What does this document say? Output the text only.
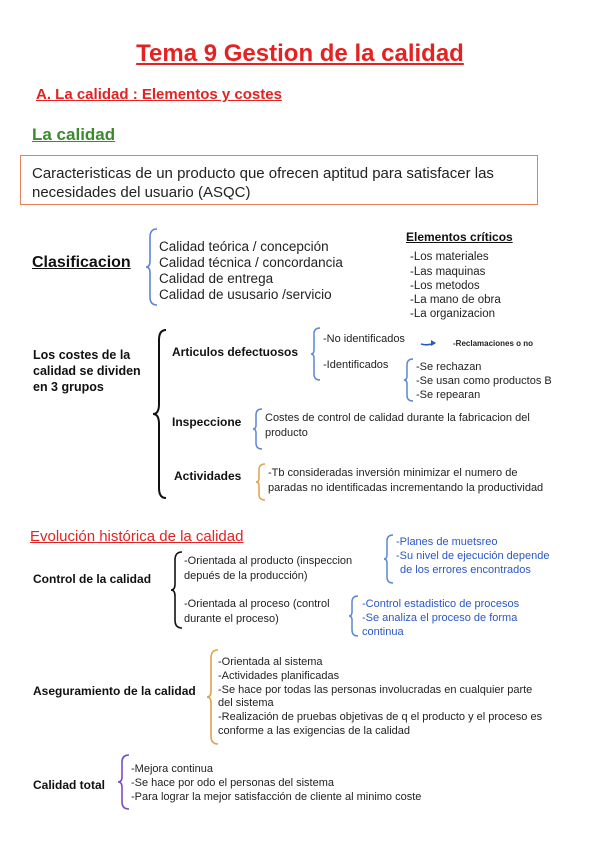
Tema 9 Gestion de la calidad
A. La calidad : Elementos y costes
La calidad
Caracteristicas de un producto que ofrecen aptitud para satisfacer las
necesidades del usuario (ASQC)
Clasificacion
Calidad teórica / concepción
Calidad técnica / concordancia
Calidad de entrega
Calidad de ususario /servicio
Elementos críticos
-Los materiales
-Las maquinas
-Los metodos
-La mano de obra
-La organizacion
Los costes de la
calidad se dividen
en 3 grupos
Articulos defectuosos
-No identificados	-Reclamaciones o no
-Identificados	-Se rechazan
-Se usan como productos B
-Se repearan
Inspeccione Costes de control de calidad durante la fabricacion del
producto
Actividades -Tb consideradas inversión minimizar el numero de
paradas no identificadas incrementando la productividad
Evolución histórica de la calidad
Control de la calidad
-Orientada al producto (inspeccion
depués de la producción)
-Planes de muetsreo
-Su nivel de ejecución depende
de los errores encontrados
-Orientada al proceso (control
durante el proceso)
-Control estadistico de procesos
-Se analiza el proceso de forma
continua
Aseguramiento de la calidad
-Orientada al sistema
-Actividades planificadas
-Se hace por todas las personas involucradas en cualquier parte
del sistema
-Realización de pruebas objetivas de q el producto y el proceso es
conforme a las exigencias de la calidad
Calidad total
-Mejora continua
-Se hace por odo el personas del sistema
-Para lograr la mejor satisfacción de cliente al minimo coste
